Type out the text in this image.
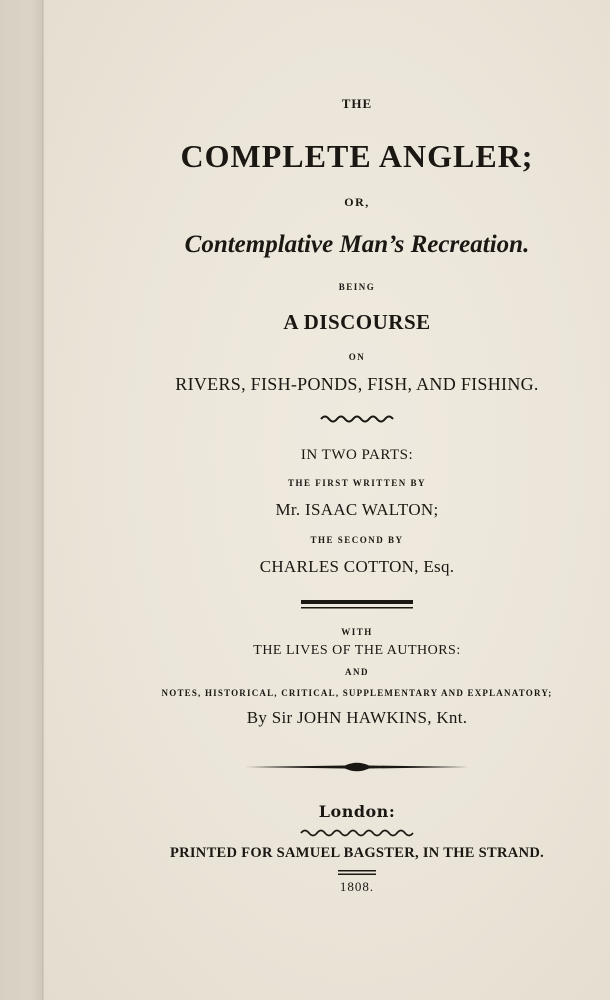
THE
COMPLETE ANGLER;
OR,
Contemplative Man’s Recreation.
BEING
A DISCOURSE
ON
RIVERS, FISH-PONDS, FISH, AND FISHING.
IN TWO PARTS:
THE FIRST WRITTEN BY
Mr. ISAAC WALTON;
THE SECOND BY
CHARLES COTTON, Esq.
WITH
THE LIVES OF THE AUTHORS:
AND
NOTES, HISTORICAL, CRITICAL, SUPPLEMENTARY AND EXPLANATORY;
By Sir JOHN HAWKINS, Knt.
London:
PRINTED FOR SAMUEL BAGSTER, IN THE STRAND.
1808.
